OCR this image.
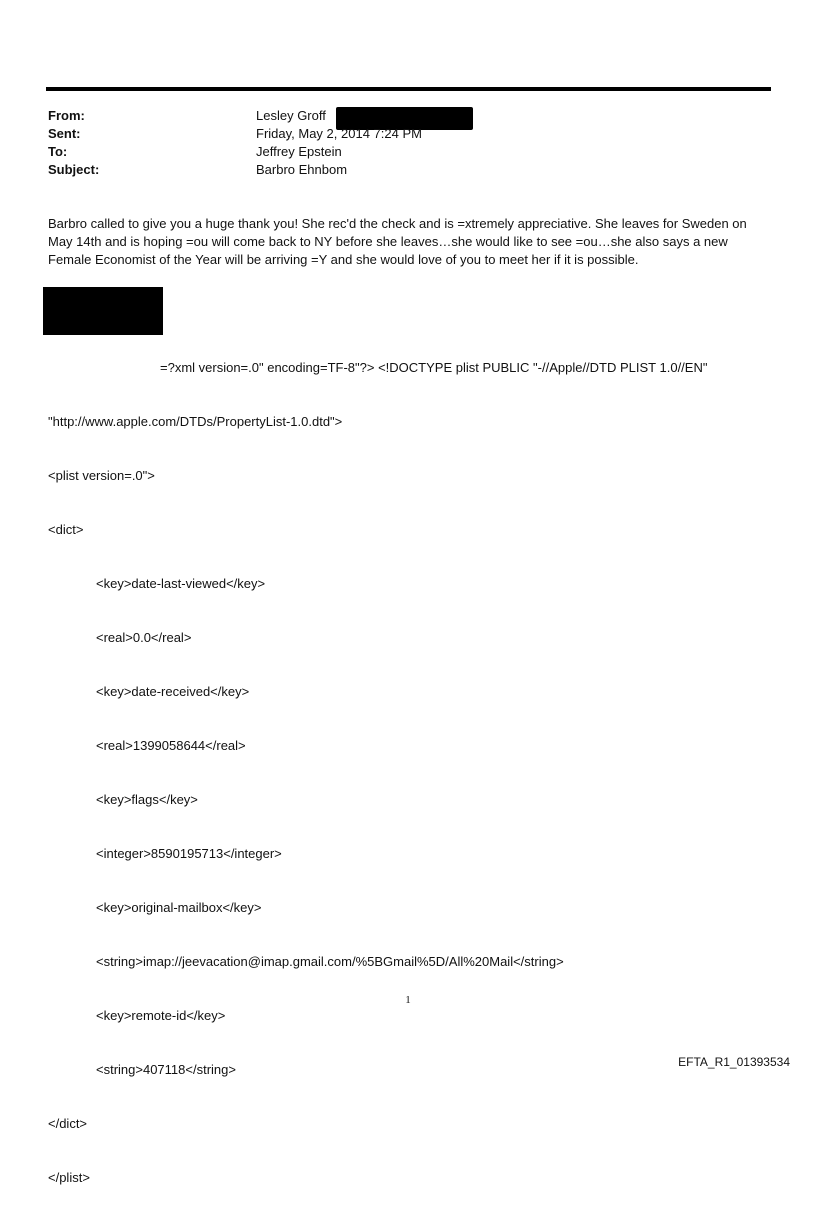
From:	Lesley Groff
Sent:	Friday, May 2, 2014 7:24 PM
To:	Jeffrey Epstein
Subject:	Barbro Ehnbom

Barbro called to give you a huge thank you! She rec'd the check and is =xtremely appreciative. She leaves for Sweden on May 14th and is hoping =ou will come back to NY before she leaves…she would like to see =ou…she also says a new Female Economist of the Year will be arriving =Y and she would love of you to meet her if it is possible.

=?xml version=.0" encoding=TF-8"?> <!DOCTYPE plist PUBLIC "-//Apple//DTD PLIST 1.0//EN"

"http://www.apple.com/DTDs/PropertyList-1.0.dtd">

<plist version=.0">

<dict>

<key>date-last-viewed</key>

<real>0.0</real>

<key>date-received</key>

<real>1399058644</real>

<key>flags</key>

<integer>8590195713</integer>

<key>original-mailbox</key>

<string>imap://jeevacation@imap.gmail.com/%5BGmail%5D/All%20Mail</string>

<key>remote-id</key>

<string>407118</string>

</dict>

</plist>

1
EFTA_R1_01393534
